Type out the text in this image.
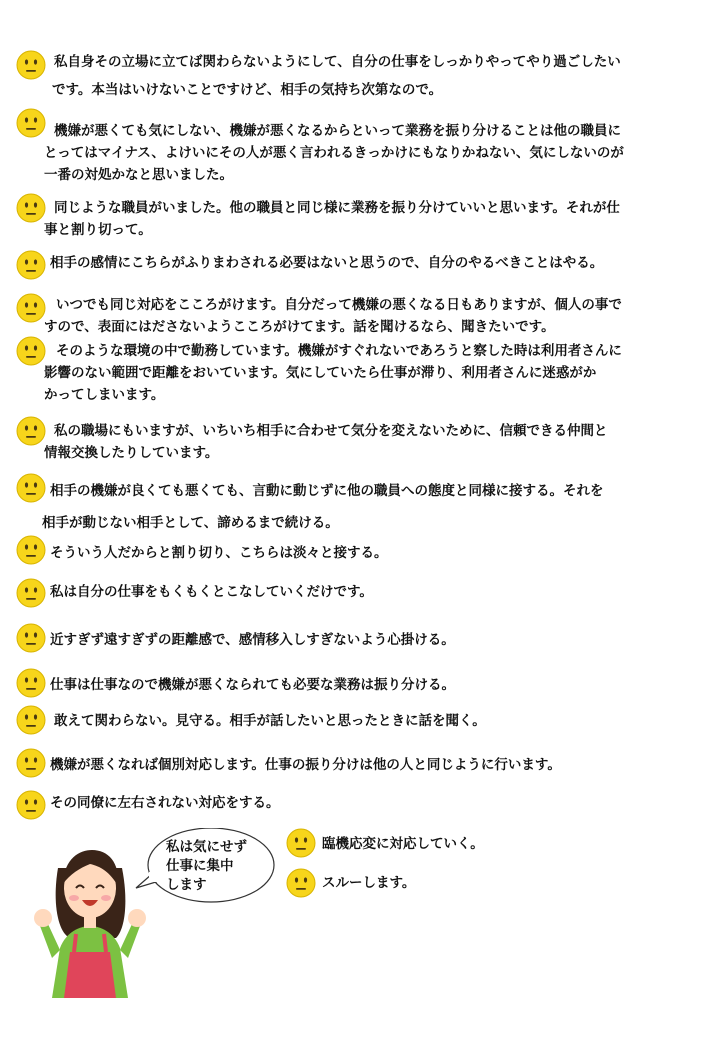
私自身その立場に立てば関わらないようにして、自分の仕事をしっかりやってやり過ごしたい
です。本当はいけないことですけど、相手の気持ち次第なので。
機嫌が悪くても気にしない、機嫌が悪くなるからといって業務を振り分けることは他の職員に
とってはマイナス、よけいにその人が悪く言われるきっかけにもなりかねない、気にしないのが
一番の対処かなと思いました。
同じような職員がいました。他の職員と同じ様に業務を振り分けていいと思います。それが仕
事と割り切って。
相手の感情にこちらがふりまわされる必要はないと思うので、自分のやるべきことはやる。
いつでも同じ対応をこころがけます。自分だって機嫌の悪くなる日もありますが、個人の事で
すので、表面にはださないようこころがけてます。話を聞けるなら、聞きたいです。
そのような環境の中で勤務しています。機嫌がすぐれないであろうと察した時は利用者さんに
影響のない範囲で距離をおいています。気にしていたら仕事が滞り、利用者さんに迷惑がか
かってしまいます。
私の職場にもいますが、いちいち相手に合わせて気分を変えないために、信頼できる仲間と
情報交換したりしています。
相手の機嫌が良くても悪くても、言動に動じずに他の職員への態度と同様に接する。それを
相手が動じない相手として、諦めるまで続ける。
そういう人だからと割り切り、こちらは淡々と接する。
私は自分の仕事をもくもくとこなしていくだけです。
近すぎず遠すぎずの距離感で、感情移入しすぎないよう心掛ける。
仕事は仕事なので機嫌が悪くなられても必要な業務は振り分ける。
敢えて関わらない。見守る。相手が話したいと思ったときに話を聞く。
機嫌が悪くなれば個別対応します。仕事の振り分けは他の人と同じように行います。
その同僚に左右されない対応をする。
臨機応変に対応していく。
スルーします。
私は気にせず
仕事に集中
します
